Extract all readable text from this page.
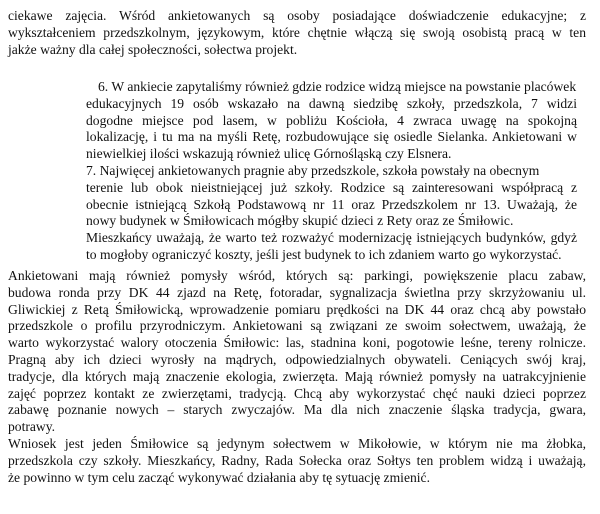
ciekawe zajęcia. Wśród ankietowanych są osoby posiadające doświadczenie edukacyjne; z
wykształceniem przedszkolnym, językowym, które chętnie włączą się swoją osobistą pracą w ten
jakże ważny dla całej społeczności, sołectwa projekt.
6. W ankiecie zapytaliśmy również gdzie rodzice widzą miejsce na powstanie placówek
edukacyjnych 19 osób wskazało na dawną siedzibę szkoły, przedszkola, 7 widzi
dogodne miejsce pod lasem, w pobliżu Kościoła, 4 zwraca uwagę na spokojną
lokalizację, i tu ma na myśli Retę, rozbudowujące się osiedle Sielanka. Ankietowani w
niewielkiej ilości wskazują również ulicę Górnośląską czy Elsnera.
7. Najwięcej ankietowanych pragnie aby przedszkole, szkoła powstały na obecnym
terenie lub obok nieistniejącej już szkoły. Rodzice są zainteresowani współpracą z
obecnie istniejącą Szkołą Podstawową nr 11 oraz Przedszkolem nr 13. Uważają, że
nowy budynek w Śmiłowicach mógłby skupić dzieci z Rety oraz ze Śmiłowic.
Mieszkańcy uważają, że warto też rozważyć modernizację istniejących budynków, gdyż
to mogłoby ograniczyć koszty, jeśli jest budynek to ich zdaniem warto go wykorzystać.
Ankietowani mają również pomysły wśród, których są: parkingi, powiększenie placu zabaw,
budowa ronda przy DK 44 zjazd na Retę, fotoradar, sygnalizacja świetlna przy skrzyżowaniu ul.
Gliwickiej z Retą Śmiłowicką, wprowadzenie pomiaru prędkości na DK 44 oraz chcą aby powstało
przedszkole o profilu przyrodniczym. Ankietowani są związani ze swoim sołectwem, uważają, że
warto wykorzystać walory otoczenia Śmiłowic: las, stadnina koni, pogotowie leśne, tereny rolnicze.
Pragną aby ich dzieci wyrosły na mądrych, odpowiedzialnych obywateli. Ceniących swój kraj,
tradycje, dla których mają znaczenie ekologia, zwierzęta. Mają również pomysły na uatrakcyjnienie
zajęć poprzez kontakt ze zwierzętami, tradycją. Chcą aby wykorzystać chęć nauki dzieci poprzez
zabawę poznanie nowych – starych zwyczajów. Ma dla nich znaczenie śląska tradycja, gwara,
potrawy.
Wniosek jest jeden Śmiłowice są jedynym sołectwem w Mikołowie, w którym nie ma żłobka,
przedszkola czy szkoły. Mieszkańcy, Radny, Rada Sołecka oraz Sołtys ten problem widzą i uważają,
że powinno w tym celu zacząć wykonywać działania aby tę sytuację zmienić.
